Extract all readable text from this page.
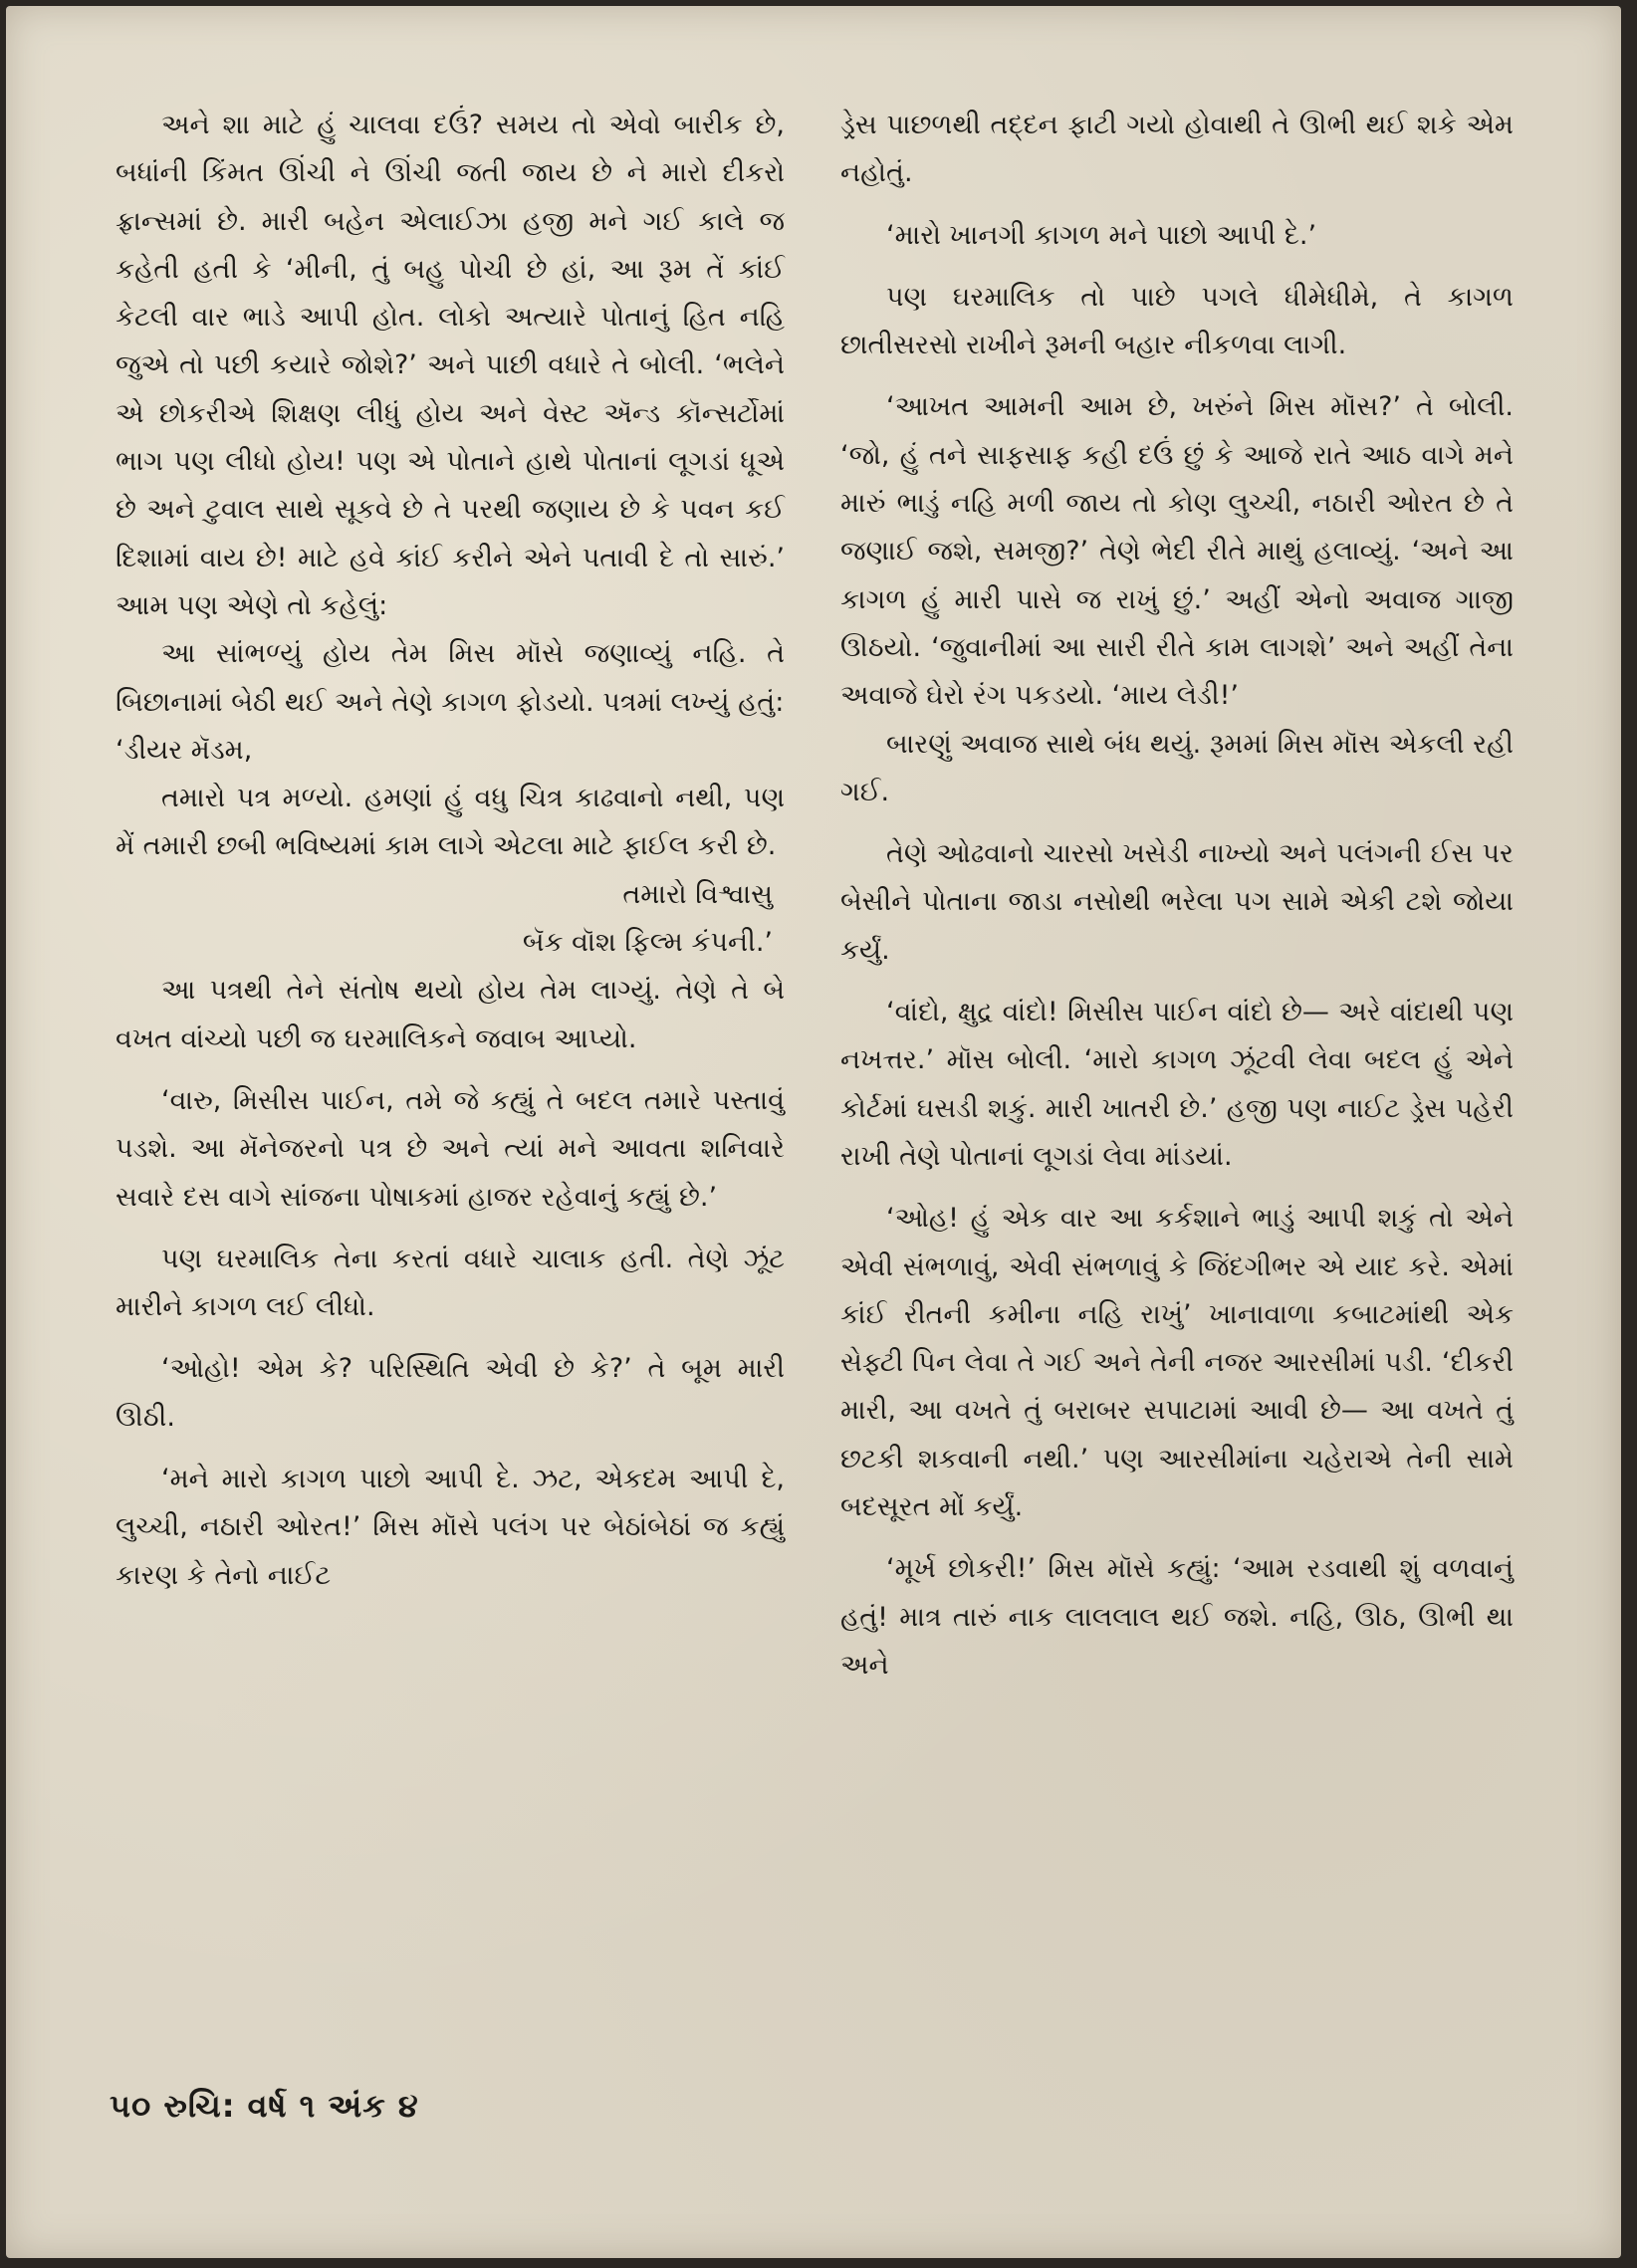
અને શા માટે હું ચાલવા દઉં? સમય તો એવો બારીક છે, બધાંની કિંમત ઊંચી ને ઊંચી જતી જાય છે ને મારો દીકરો ફ્રાન્સમાં છે. મારી બહેન એલાઈઝા હજી મને ગઈ કાલે જ કહેતી હતી કે ‘મીની, તું બહુ પોચી છે હાં, આ રૂમ તેં કાંઈ કેટલી વાર ભાડે આપી હોત. લોકો અત્યારે પોતાનું હિત નહિ જુએ તો પછી કયારે જોશે?’ અને પાછી વધારે તે બોલી. ‘ભલેને એ છોકરીએ શિક્ષણ લીધું હોય અને વેસ્ટ ઍન્ડ કૉન્સર્ટોમાં ભાગ પણ લીધો હોય! પણ એ પોતાને હાથે પોતાનાં લૂગડાં ધૂએ છે અને ટુવાલ સાથે સૂકવે છે તે પરથી જણાય છે કે પવન કઈ દિશામાં વાય છે! માટે હવે કાંઈ કરીને એને પતાવી દે તો સારું.’ આમ પણ એણે તો કહેલું:

આ સાંભળ્યું હોય તેમ મિસ મૉસે જણાવ્યું નહિ. તે બિછાનામાં બેઠી થઈ અને તેણે કાગળ ફોડયો. પત્રમાં લખ્યું હતું:

‘ડીયર મૅડમ,

તમારો પત્ર મળ્યો. હમણાં હું વધુ ચિત્ર કાઢવાનો નથી, પણ મેં તમારી છબી ભવિષ્યમાં કામ લાગે એટલા માટે ફાઈલ કરી છે.

તમારો વિશ્વાસુ

બૅક વૉશ ફિલ્મ કંપની.’

આ પત્રથી તેને સંતોષ થયો હોય તેમ લાગ્યું. તેણે તે બે વખત વાંચ્યો પછી જ ઘરમાલિકને જવાબ આપ્યો.

‘વારુ, મિસીસ પાઈન, તમે જે કહ્યું તે બદલ તમારે પસ્તાવું પડશે. આ મૅનેજરનો પત્ર છે અને ત્યાં મને આવતા શનિવારે સવારે દસ વાગે સાંજના પોષાકમાં હાજર રહેવાનું કહ્યું છે.’

પણ ઘરમાલિક તેના કરતાં વધારે ચાલાક હતી. તેણે ઝૂંટ મારીને કાગળ લઈ લીધો.

‘ઓહો! એમ કે? પરિસ્થિતિ એવી છે કે?’ તે બૂમ મારી ઊઠી.

‘મને મારો કાગળ પાછો આપી દે. ઝટ, એકદમ આપી દે, લુચ્ચી, નઠારી ઓરત!’ મિસ મૉસે પલંગ પર બેઠાંબેઠાં જ કહ્યું કારણ કે તેનો નાઈટ

ડ્રેસ પાછળથી તદ્દન ફાટી ગયો હોવાથી તે ઊભી થઈ શકે એમ નહોતું.

‘મારો ખાનગી કાગળ મને પાછો આપી દે.’

પણ ઘરમાલિક તો પાછે પગલે ધીમેધીમે, તે કાગળ છાતીસરસો રાખીને રૂમની બહાર નીકળવા લાગી.

‘આખત આમની આમ છે, ખરુંને મિસ મૉસ?’ તે બોલી. ‘જો, હું તને સાફસાફ કહી દઉં છું કે આજે રાતે આઠ વાગે મને મારું ભાડું નહિ મળી જાય તો કોણ લુચ્ચી, નઠારી ઓરત છે તે જણાઈ જશે, સમજી?’ તેણે ભેદી રીતે માથું હલાવ્યું. ‘અને આ કાગળ હું મારી પાસે જ રાખું છું.’ અહીં એનો અવાજ ગાજી ઊઠયો. ‘જુવાનીમાં આ સારી રીતે કામ લાગશે’ અને અહીં તેના અવાજે ઘેરો રંગ પકડયો. ‘માય લેડી!’

બારણું અવાજ સાથે બંધ થયું. રૂમમાં મિસ મૉસ એકલી રહી ગઈ.

તેણે ઓઢવાનો ચારસો ખસેડી નાખ્યો અને પલંગની ઈસ પર બેસીને પોતાના જાડા નસોથી ભરેલા પગ સામે એકી ટશે જોયા કર્યું.

‘વાંદો, ક્ષુદ્ર વાંદો! મિસીસ પાઈન વાંદો છે— અરે વાંદાથી પણ નખત્તર.’ મૉસ બોલી. ‘મારો કાગળ ઝૂંટવી લેવા બદલ હું એને કોર્ટમાં ઘસડી શકું. મારી ખાતરી છે.’ હજી પણ નાઈટ ડ્રેસ પહેરી રાખી તેણે પોતાનાં લૂગડાં લેવા માંડયાં.

‘ઓહ! હું એક વાર આ કર્કશાને ભાડું આપી શકું તો એને એવી સંભળાવું, એવી સંભળાવું કે જિંદગીભર એ યાદ કરે. એમાં કાંઈ રીતની કમીના નહિ રાખું’ ખાનાવાળા કબાટમાંથી એક સેફ્ટી પિન લેવા તે ગઈ અને તેની નજર આરસીમાં પડી. ‘દીકરી મારી, આ વખતે તું બરાબર સપાટામાં આવી છે— આ વખતે તું છટકી શકવાની નથી.’ પણ આરસીમાંના ચહેરાએ તેની સામે બદસૂરત મોં કર્યું.

‘મૂર્ખ છોકરી!’ મિસ મૉસે કહ્યું: ‘આમ રડવાથી શું વળવાનું હતું! માત્ર તારું નાક લાલલાલ થઈ જશે. નહિ, ઊઠ, ઊભી થા અને

૫૦ રુચિ: વર્ષ ૧ અંક ૪
